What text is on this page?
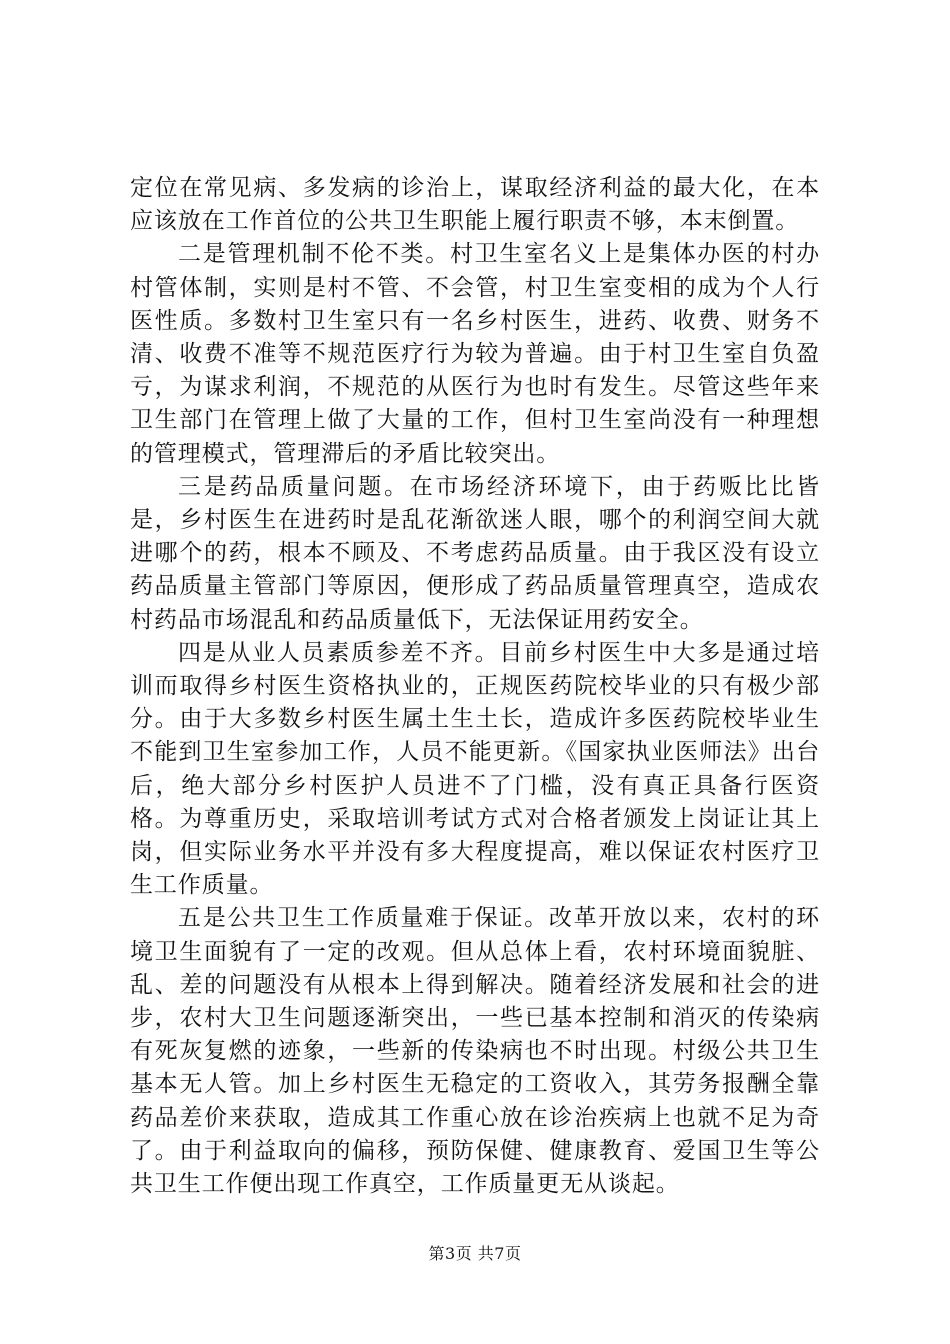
定位在常见病、多发病的诊治上，谋取经济利益的最大化，在本应该放在工作首位的公共卫生职能上履行职责不够，本末倒置。

二是管理机制不伦不类。村卫生室名义上是集体办医的村办村管体制，实则是村不管、不会管，村卫生室变相的成为个人行医性质。多数村卫生室只有一名乡村医生，进药、收费、财务不清、收费不准等不规范医疗行为较为普遍。由于村卫生室自负盈亏，为谋求利润，不规范的从医行为也时有发生。尽管这些年来卫生部门在管理上做了大量的工作，但村卫生室尚没有一种理想的管理模式，管理滞后的矛盾比较突出。

三是药品质量问题。在市场经济环境下，由于药贩比比皆是，乡村医生在进药时是乱花渐欲迷人眼，哪个的利润空间大就进哪个的药，根本不顾及、不考虑药品质量。由于我区没有设立药品质量主管部门等原因，便形成了药品质量管理真空，造成农村药品市场混乱和药品质量低下，无法保证用药安全。

四是从业人员素质参差不齐。目前乡村医生中大多是通过培训而取得乡村医生资格执业的，正规医药院校毕业的只有极少部分。由于大多数乡村医生属土生土长，造成许多医药院校毕业生不能到卫生室参加工作，人员不能更新。《国家执业医师法》出台后，绝大部分乡村医护人员进不了门槛，没有真正具备行医资格。为尊重历史，采取培训考试方式对合格者颁发上岗证让其上岗，但实际业务水平并没有多大程度提高，难以保证农村医疗卫生工作质量。

五是公共卫生工作质量难于保证。改革开放以来，农村的环境卫生面貌有了一定的改观。但从总体上看，农村环境面貌脏、乱、差的问题没有从根本上得到解决。随着经济发展和社会的进步，农村大卫生问题逐渐突出，一些已基本控制和消灭的传染病有死灰复燃的迹象，一些新的传染病也不时出现。村级公共卫生基本无人管。加上乡村医生无稳定的工资收入，其劳务报酬全靠药品差价来获取，造成其工作重心放在诊治疾病上也就不足为奇了。由于利益取向的偏移，预防保健、健康教育、爱国卫生等公共卫生工作便出现工作真空，工作质量更无从谈起。

第3页 共7页
